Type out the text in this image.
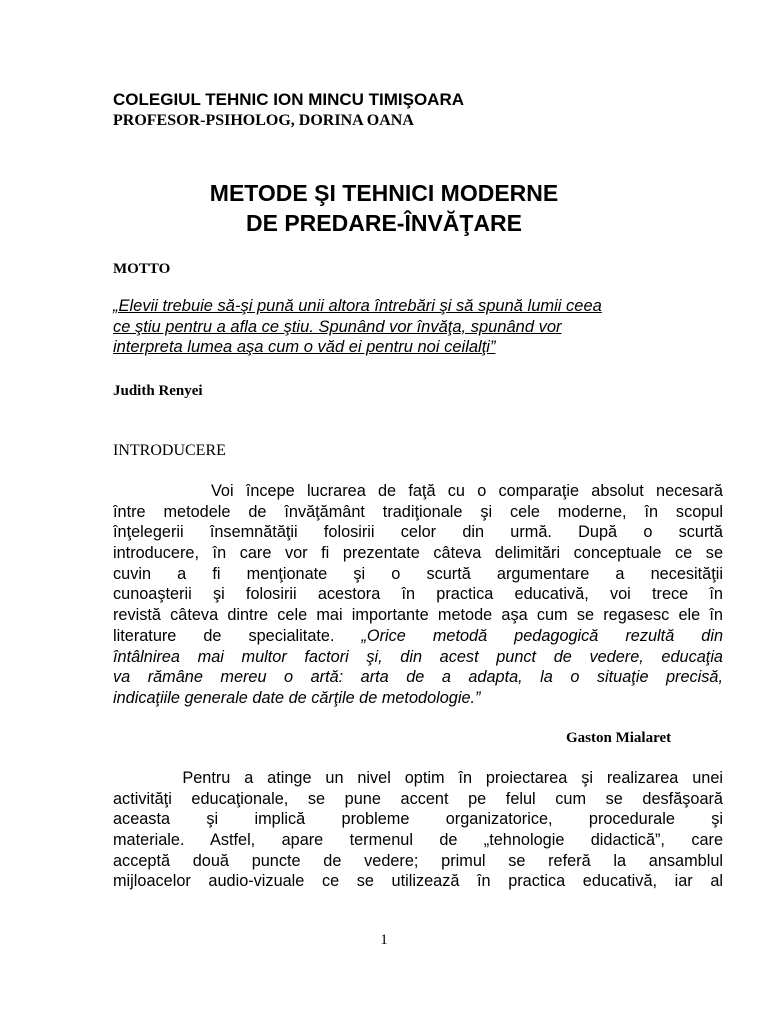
COLEGIUL TEHNIC ION MINCU TIMIŞOARA
PROFESOR-PSIHOLOG, DORINA OANA
METODE ŞI TEHNICI MODERNE
DE PREDARE-ÎNVĂŢARE
MOTTO
„Elevii trebuie să-şi pună unii altora întrebări şi să spună lumii ceea
ce ştiu pentru a afla ce ştiu. Spunând vor învăţa, spunând vor
interpreta lumea aşa cum o văd ei pentru noi ceilalţi”
Judith Renyei
INTRODUCERE
Voi începe lucrarea de faţă cu o comparaţie absolut necesară
între metodele de învăţământ tradiţionale şi cele moderne, în scopul
înţelegerii însemnătăţii folosirii celor din urmă. După o scurtă
introducere, în care vor fi prezentate câteva delimitări conceptuale ce se
cuvin a fi menţionate şi o scurtă argumentare a necesităţii
cunoaşterii şi folosirii acestora în practica educativă, voi trece în
revistă câteva dintre cele mai importante metode aşa cum se regasesc ele în
literature de specialitate. „Orice metodă pedagogică rezultă din
întâlnirea mai multor factori şi, din acest punct de vedere, educaţia
va rămâne mereu o artă: arta de a adapta, la o situaţie precisă,
indicaţiile generale date de cărţile de metodologie.”
Gaston Mialaret
Pentru a atinge un nivel optim în proiectarea şi realizarea unei
activităţi educaţionale, se pune accent pe felul cum se desfăşoară
aceasta şi implică probleme organizatorice, procedurale şi
materiale. Astfel, apare termenul de „tehnologie didactică”, care
acceptă două puncte de vedere; primul se referă la ansamblul
mijloacelor audio-vizuale ce se utilizează în practica educativă, iar al
1
